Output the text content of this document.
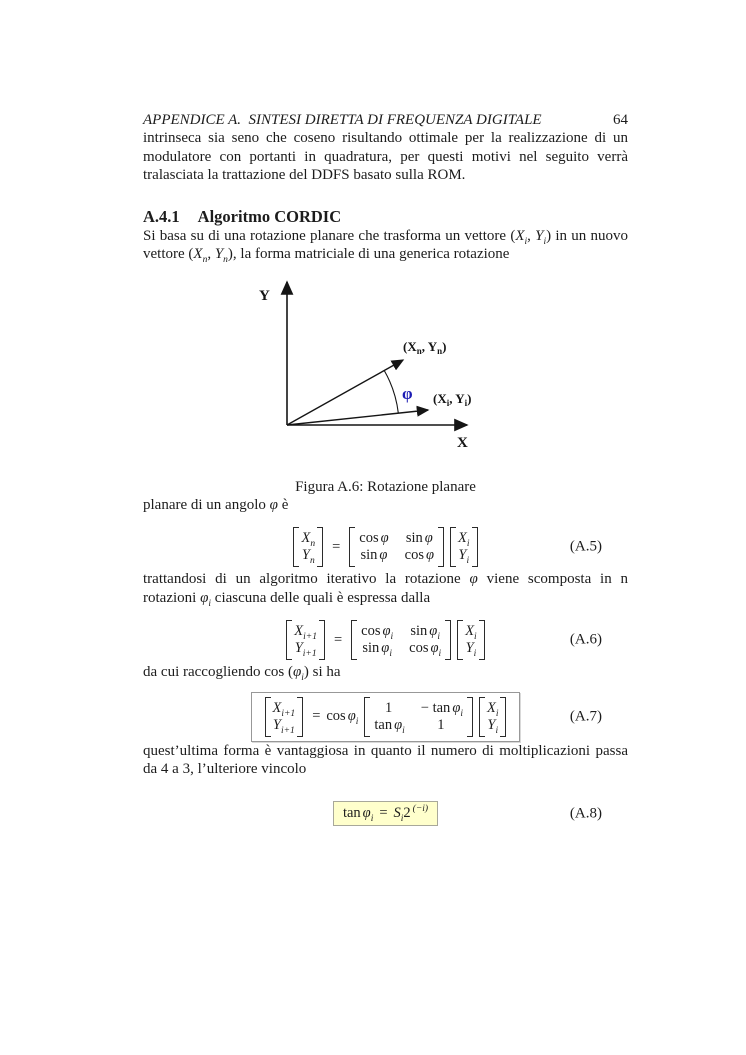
APPENDICE A. SINTESI DIRETTA DI FREQUENZA DIGITALE	64

intrinseca sia seno che coseno risultando ottimale per la realizzazione di un modulatore con portanti in quadratura, per questi motivi nel seguito verrà tralasciata la trattazione del DDFS basato sulla ROM.

A.4.1 Algoritmo CORDIC

Si basa su di una rotazione planare che trasforma un vettore ($X_i$, $Y_i$) in un nuovo vettore ($X_n$, $Y_n$), la forma matriciale di una generica rotazione

Y
X
φ
($X_n$, $Y_n$)
($X_i$, $Y_i$)
Figura A.6: Rotazione planare

planare di un angolo φ è

$X_n$
$Y_n$
=
cos φ sin φ
sin φ cos φ
$X_i$
$Y_i$
(A.5)

trattandosi di un algoritmo iterativo la rotazione φ viene scomposta in n rotazioni $\varphi_i$ ciascuna delle quali è espressa dalla

$X_{i+1}$
$Y_{i+1}$
=
$\cos \varphi_i$ $\sin \varphi_i$
$\sin \varphi_i$ $\cos \varphi_i$
$X_i$
$Y_i$
(A.6)

da cui raccogliendo $\cos (\varphi_i)$ si ha

$X_{i+1}$
$Y_{i+1}$
= $\cos \varphi_i$
$1 - \tan \varphi_i$
$\tan \varphi_i$ 1
$X_i$
$Y_i$
(A.7)

quest’ultima forma è vantaggiosa in quanto il numero di moltiplicazioni passa da 4 a 3, l’ulteriore vincolo

$\tan \varphi_i = S_i2$ $^{(-i)}$	(A.8)
